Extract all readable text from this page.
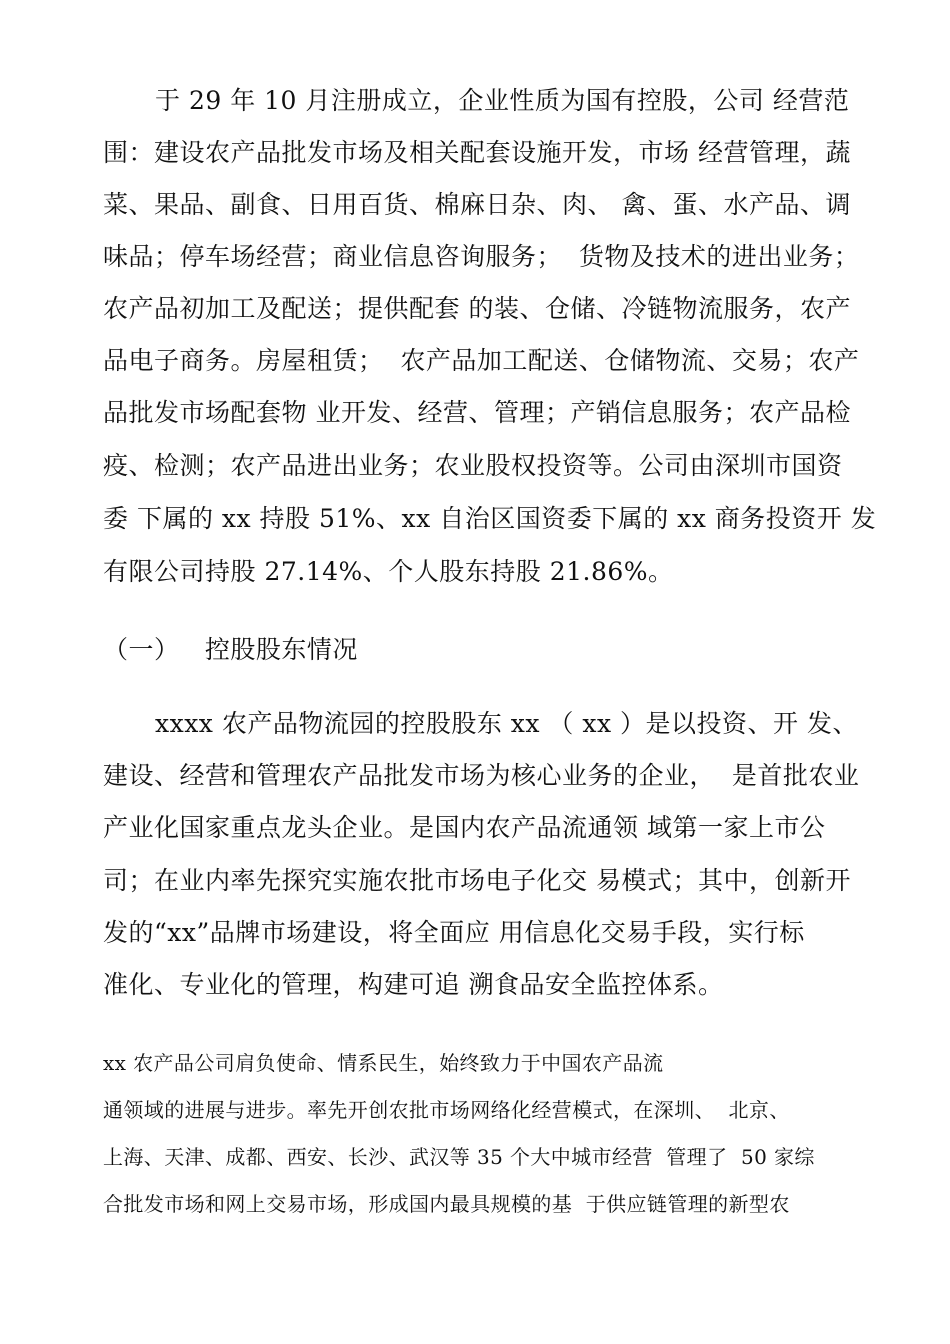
于 29 年 10 月注册成立，企业性质为国有控股，公司 经营范
围：建设农产品批发市场及相关配套设施开发，市场 经营管理，蔬
菜、果品、副食、日用百货、棉麻日杂、肉、 禽、蛋、水产品、调
味品；停车场经营；商业信息咨询服务；  货物及技术的进出业务；
农产品初加工及配送；提供配套 的装、仓储、冷链物流服务，农产
品电子商务。房屋租赁；  农产品加工配送、仓储物流、交易；农产
品批发市场配套物 业开发、经营、管理；产销信息服务；农产品检
疫、检测；农产品进出业务；农业股权投资等。公司由深圳市国资
委 下属的 xx 持股 51%、xx 自治区国资委下属的 xx 商务投资开 发
有限公司持股 27.14%、个人股东持股 21.86%。
（一）   控股股东情况
xxxx 农产品物流园的控股股东 xx （ xx ）是以投资、开 发、
建设、经营和管理农产品批发市场为核心业务的企业，  是首批农业
产业化国家重点龙头企业。是国内农产品流通领 域第一家上市公
司；在业内率先探究实施农批市场电子化交 易模式；其中，创新开
发的“xx”品牌市场建设，将全面应 用信息化交易手段，实行标
准化、专业化的管理，构建可追 溯食品安全监控体系。
xx 农产品公司肩负使命、情系民生，始终致力于中国农产品流
通领域的进展与进步。率先开创农批市场网络化经营模式，在深圳、  北京、
上海、天津、成都、西安、长沙、武汉等 35 个大中城市经营  管理了  50 家综
合批发市场和网上交易市场，形成国内最具规模的基  于供应链管理的新型农
